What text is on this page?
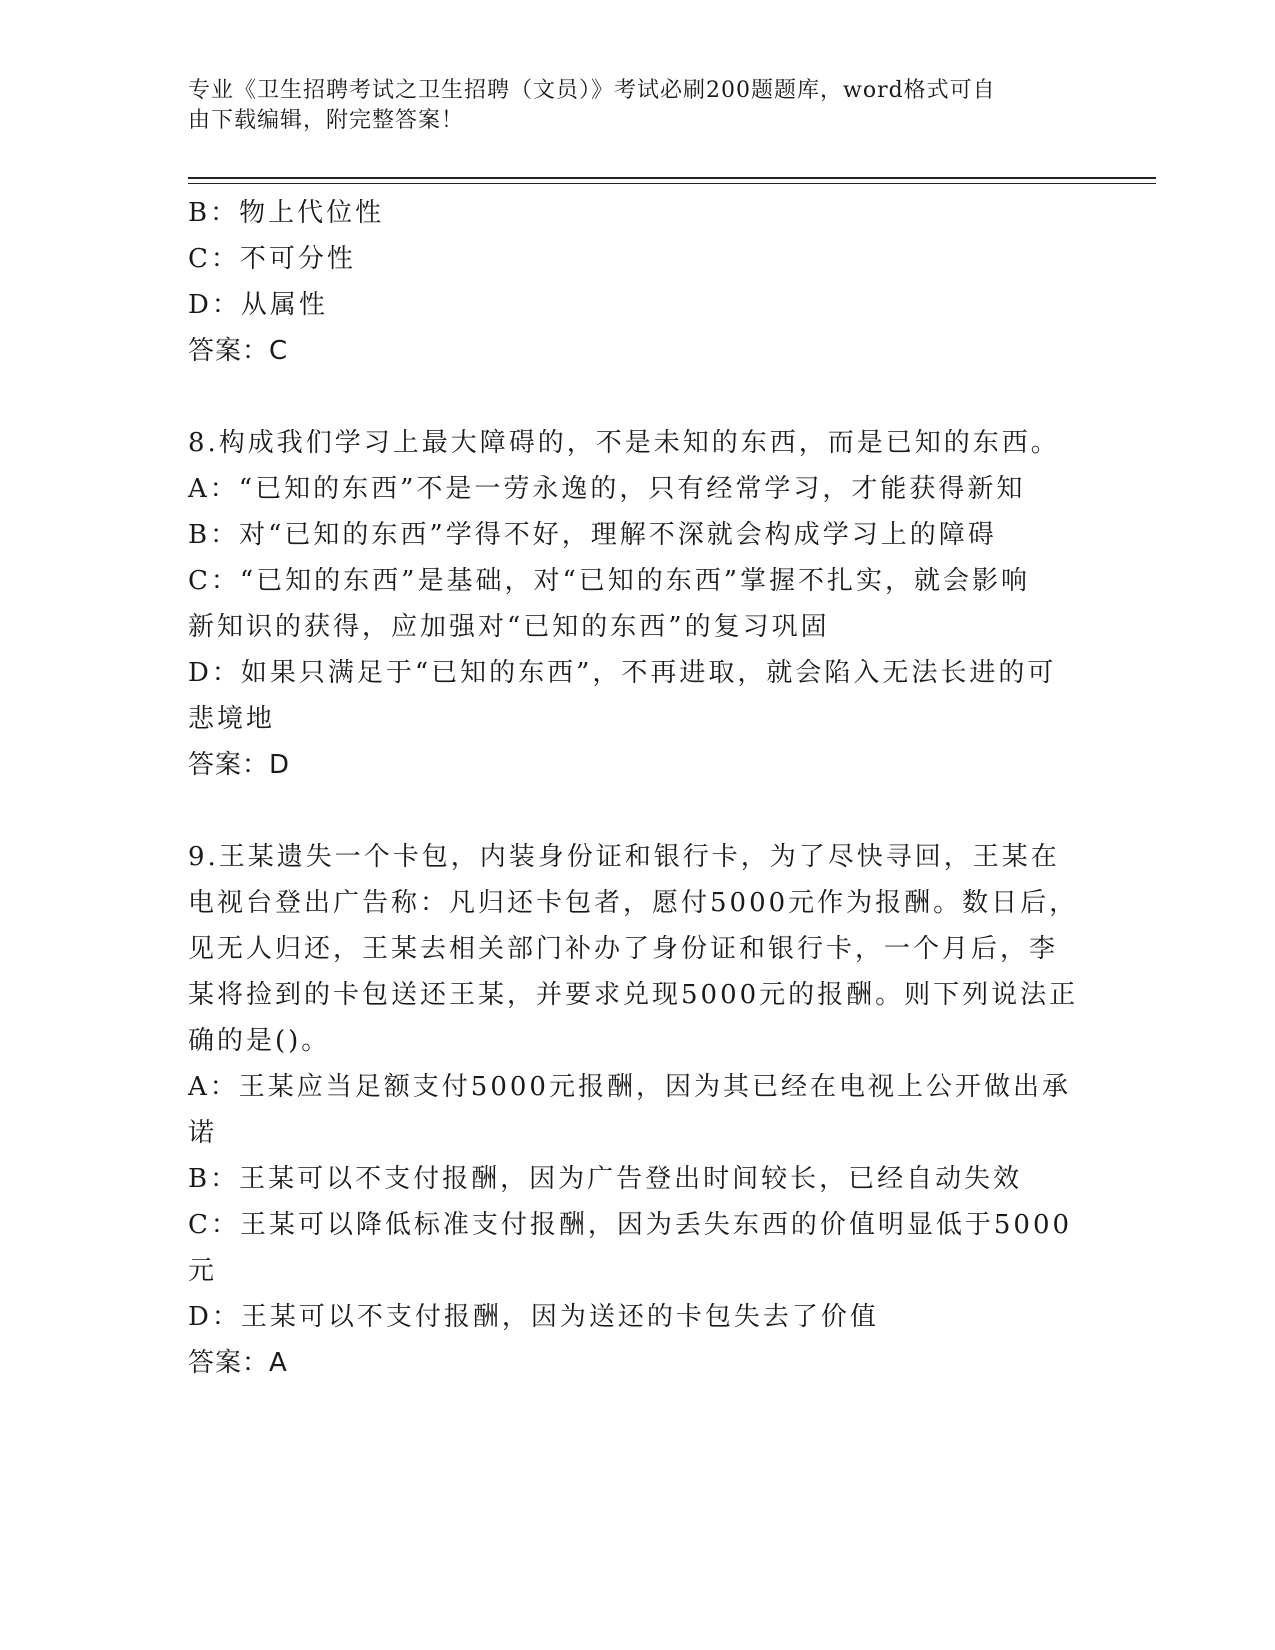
专业《卫生招聘考试之卫生招聘（文员）》考试必刷200题题库，word格式可自
由下载编辑，附完整答案！

B：物上代位性

C：不可分性

D：从属性

答案：C

8.构成我们学习上最大障碍的，不是未知的东西，而是已知的东西。

A：“已知的东西”不是一劳永逸的，只有经常学习，才能获得新知

B：对“已知的东西”学得不好，理解不深就会构成学习上的障碍

C：“已知的东西”是基础，对“已知的东西”掌握不扎实，就会影响

新知识的获得，应加强对“已知的东西”的复习巩固

D：如果只满足于“已知的东西”，不再进取，就会陷入无法长进的可

悲境地

答案：D

9.王某遗失一个卡包，内装身份证和银行卡，为了尽快寻回，王某在

电视台登出广告称：凡归还卡包者，愿付5000元作为报酬。数日后，

见无人归还，王某去相关部门补办了身份证和银行卡，一个月后，李

某将捡到的卡包送还王某，并要求兑现5000元的报酬。则下列说法正

确的是()。

A：王某应当足额支付5000元报酬，因为其已经在电视上公开做出承

诺

B：王某可以不支付报酬，因为广告登出时间较长，已经自动失效

C：王某可以降低标准支付报酬，因为丢失东西的价值明显低于5000

元

D：王某可以不支付报酬，因为送还的卡包失去了价值

答案：A
